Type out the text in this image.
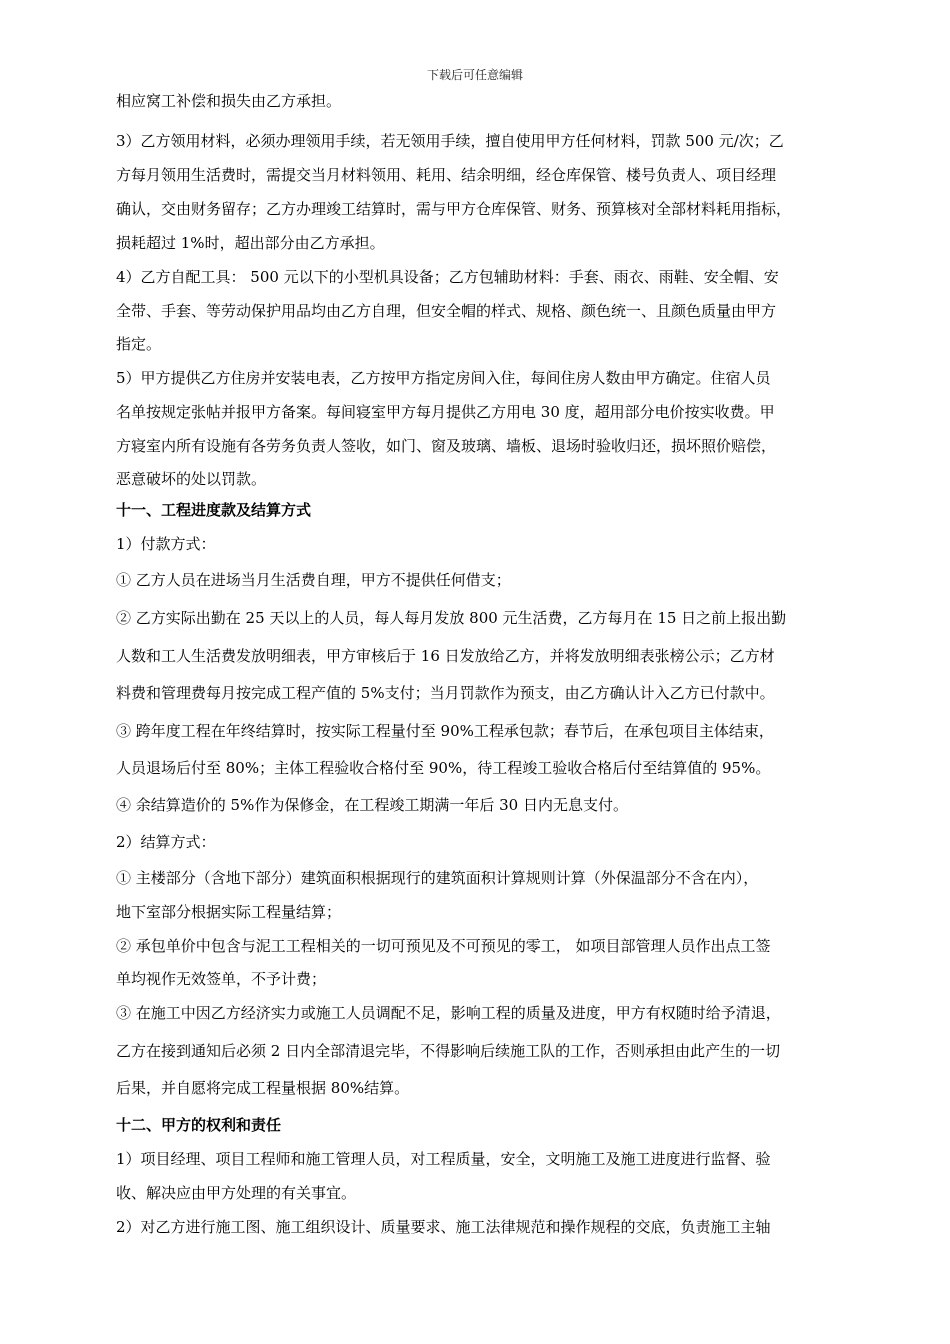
下载后可任意编辑
相应窝工补偿和损失由乙方承担。
3）乙方领用材料，必须办理领用手续，若无领用手续，擅自使用甲方任何材料，罚款 500 元/次；乙
方每月领用生活费时，需提交当月材料领用、耗用、结余明细，经仓库保管、楼号负责人、项目经理
确认，交由财务留存；乙方办理竣工结算时，需与甲方仓库保管、财务、预算核对全部材料耗用指标，
损耗超过 1%时，超出部分由乙方承担。
4）乙方自配工具： 500 元以下的小型机具设备；乙方包辅助材料：手套、雨衣、雨鞋、安全帽、安
全带、手套、等劳动保护用品均由乙方自理，但安全帽的样式、规格、颜色统一、且颜色质量由甲方
指定。
5）甲方提供乙方住房并安装电表，乙方按甲方指定房间入住，每间住房人数由甲方确定。住宿人员
名单按规定张帖并报甲方备案。每间寝室甲方每月提供乙方用电 30 度，超用部分电价按实收费。甲
方寝室内所有设施有各劳务负责人签收，如门、窗及玻璃、墙板、退场时验收归还，损坏照价赔偿，
恶意破坏的处以罚款。
十一、工程进度款及结算方式
1）付款方式：
① 乙方人员在进场当月生活费自理，甲方不提供任何借支；
② 乙方实际出勤在 25 天以上的人员，每人每月发放 800 元生活费，乙方每月在 15 日之前上报出勤
人数和工人生活费发放明细表，甲方审核后于 16 日发放给乙方，并将发放明细表张榜公示；乙方材
料费和管理费每月按完成工程产值的 5%支付；当月罚款作为预支，由乙方确认计入乙方已付款中。
③ 跨年度工程在年终结算时，按实际工程量付至 90%工程承包款；春节后，在承包项目主体结束，
人员退场后付至 80%；主体工程验收合格付至 90%，待工程竣工验收合格后付至结算值的 95%。
④ 余结算造价的 5%作为保修金，在工程竣工期满一年后 30 日内无息支付。
2）结算方式：
① 主楼部分（含地下部分）建筑面积根据现行的建筑面积计算规则计算（外保温部分不含在内），
地下室部分根据实际工程量结算；
② 承包单价中包含与泥工工程相关的一切可预见及不可预见的零工， 如项目部管理人员作出点工签
单均视作无效签单，不予计费；
③ 在施工中因乙方经济实力或施工人员调配不足，影响工程的质量及进度，甲方有权随时给予清退，
乙方在接到通知后必须 2 日内全部清退完毕，不得影响后续施工队的工作，否则承担由此产生的一切
后果，并自愿将完成工程量根据 80%结算。
十二、甲方的权利和责任
1）项目经理、项目工程师和施工管理人员，对工程质量，安全，文明施工及施工进度进行监督、验
收、解决应由甲方处理的有关事宜。
2）对乙方进行施工图、施工组织设计、质量要求、施工法律规范和操作规程的交底，负责施工主轴
